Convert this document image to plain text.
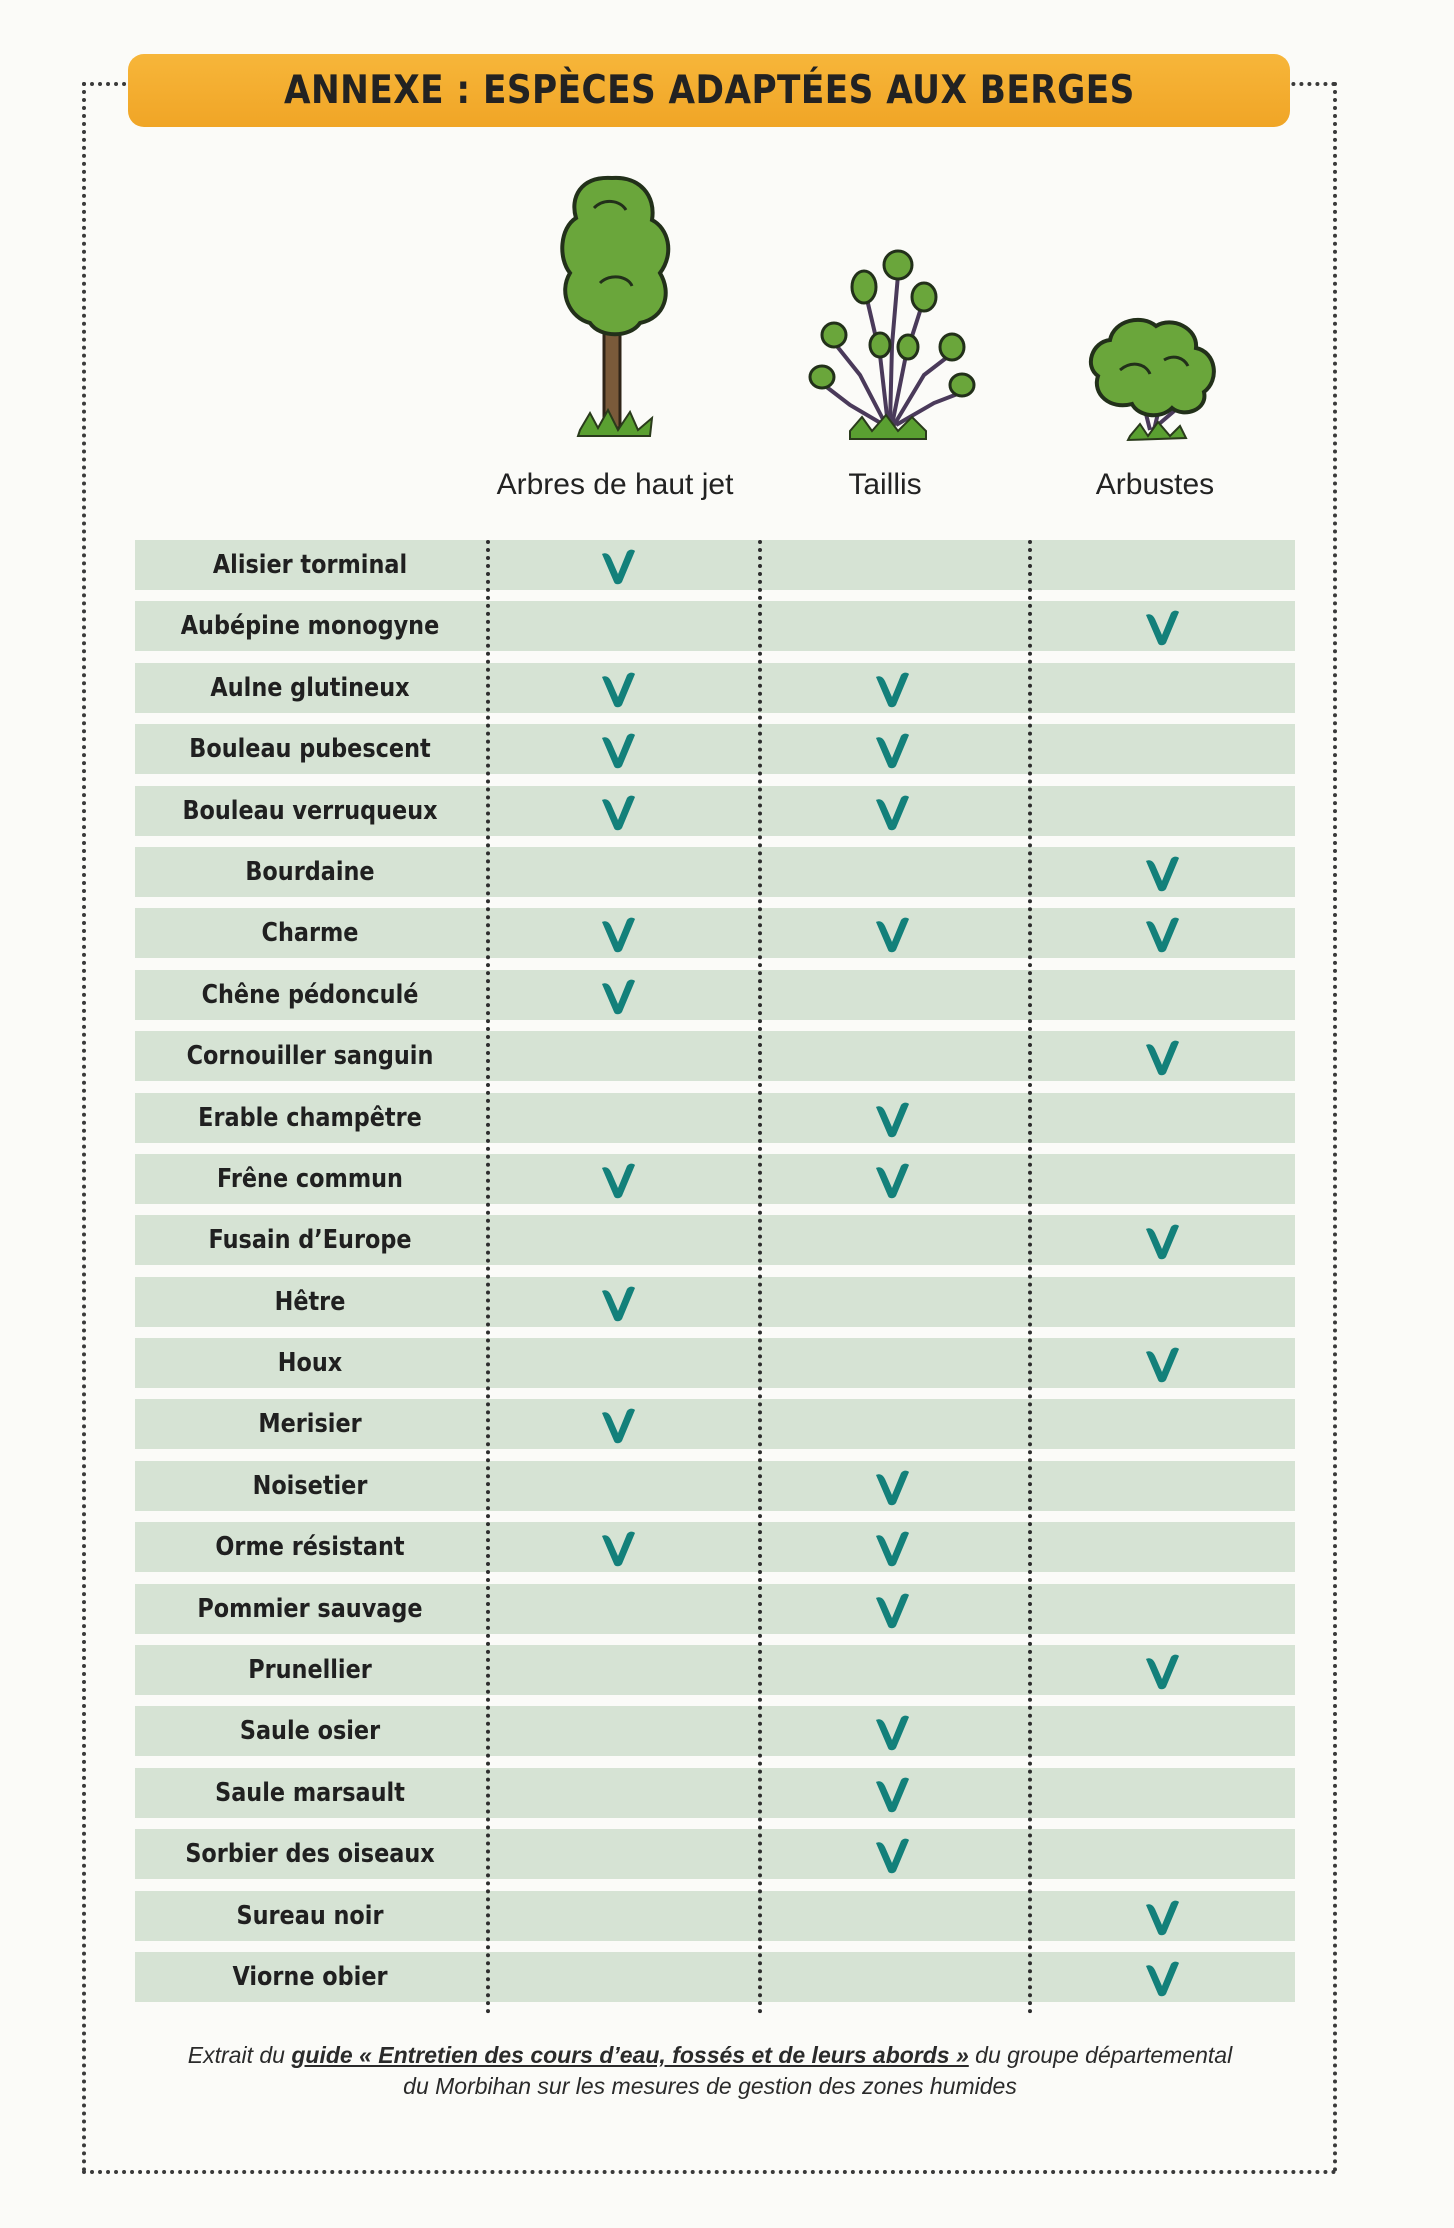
ANNEXE : ESPÈCES ADAPTÉES AUX BERGES
Arbres de haut jet	Taillis	Arbustes
Alisier torminal
Aubépine monogyne
Aulne glutineux
Bouleau pubescent
Bouleau verruqueux
Bourdaine
Charme
Chêne pédonculé
Cornouiller sanguin
Erable champêtre
Frêne commun
Fusain d’Europe
Hêtre
Houx
Merisier
Noisetier
Orme résistant
Pommier sauvage
Prunellier
Saule osier
Saule marsault
Sorbier des oiseaux
Sureau noir
Viorne obier
Extrait du guide « Entretien des cours d’eau, fossés et de leurs abords » du groupe départemental
du Morbihan sur les mesures de gestion des zones humides
